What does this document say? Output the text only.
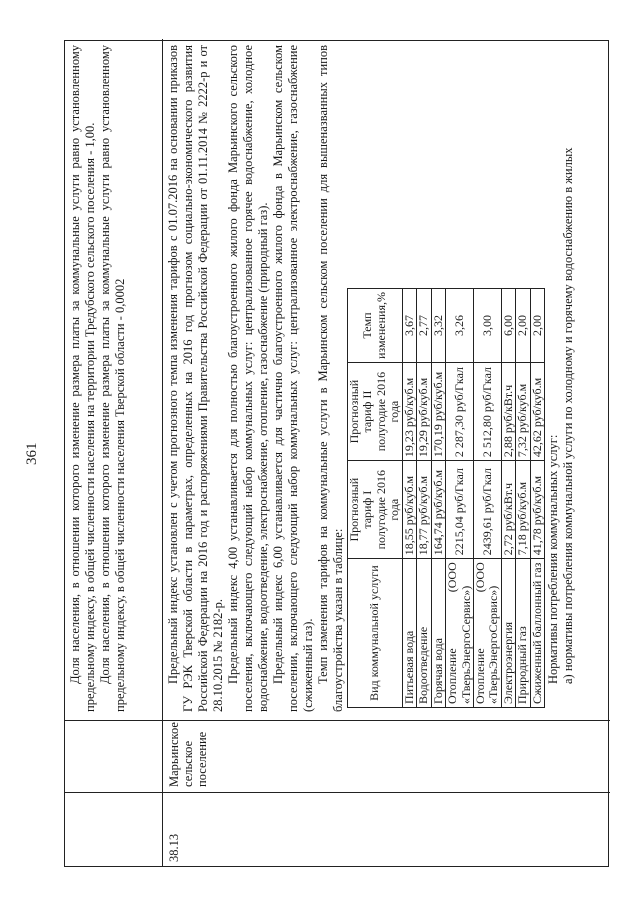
361 Доля населения, в отношении которого изменение размера платы за коммунальные услуги равно установленному предельному индексу, в общей численности населения на территории Тредубского сельского поселения - 1,00. Доля населения, в отношении которого изменение размера платы за коммунальные услуги равно установленному предельному индексу, в общей численности населения Тверской области - 0,0002

38.13
Марьинское сельское поселение

Предельный индекс установлен с учетом прогнозного темпа изменения тарифов с 01.07.2016 на основании приказов ГУ РЭК Тверской области в параметрах, определенных на 2016 год прогнозом социально-экономического развития Российской Федерации на 2016 год и распоряжениями Правительства Российской Федерации от 01.11.2014 № 2222-р и от 28.10.2015 № 2182-р. Предельный индекс 4,00 устанавливается для полностью благоустроенного жилого фонда Марьинского сельского поселения, включающего следующий набор коммунальных услуг: централизованное горячее водоснабжение, холодное водоснабжение, водоотведение, электроснабжение, отопление, газоснабжение (природный газ). Предельный индекс 6,00 устанавливается для частично благоустроенного жилого фонда в Марьинском сельском поселении, включающего следующий набор коммунальных услуг: централизованное электроснабжение, газоснабжение (сжиженный газ). Темп изменения тарифов на коммунальные услуги в Марьинском сельском поселении для вышеназванных типов благоустройства указан в таблице: Вид коммунальной услуги	Прогнозный тариф I полугодие 2016 года	Прогнозный тариф II полугодие 2016 года	Темп изменения,%
Питьевая вода	18,55 руб/куб.м	19,23 руб/куб.м	3,67
Водоотведение	18,77 руб/куб.м	19,29 руб/куб.м	2,77
Горячая вода	164,74 руб/куб.м	170,19 руб/куб.м	3,32
Отопление (ООО «ТверьЭнергоСервис»)	2215,04 руб/Гкал	2 287,30 руб/Гкал	3,26
Отопление (ООО «ТверьЭнергоСервис»)	2439,61 руб/Гкал	2 512,80 руб/Гкал	3,00
Электроэнергия	2,72 руб/кВт.ч	2,88 руб/кВт.ч	6,00
Природный газ	7,18 руб/куб.м	7,32 руб/куб.м	2,00
Сжиженный баллонный газ	41,78 руб/куб.м	42,62 руб/куб.м	2,00

Нормативы потребления коммунальных услуг: а) нормативы потребления коммунальной услуги по холодному и горячему водоснабжению в жилых
